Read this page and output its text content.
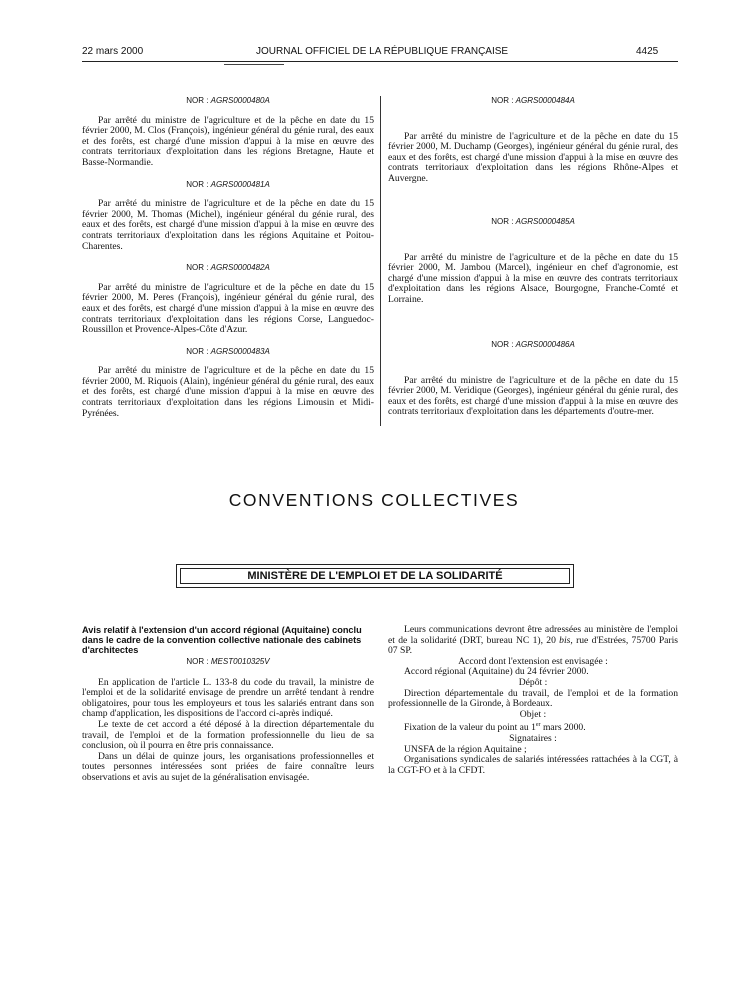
22 mars 2000	JOURNAL OFFICIEL DE LA RÉPUBLIQUE FRANÇAISE	4425
NOR : AGRS0000480A

Par arrêté du ministre de l'agriculture et de la pêche en date du 15 février 2000, M. Clos (François), ingénieur général du génie rural, des eaux et des forêts, est chargé d'une mission d'appui à la mise en œuvre des contrats territoriaux d'exploitation dans les régions Bretagne, Haute et Basse-Normandie.

NOR : AGRS0000481A

Par arrêté du ministre de l'agriculture et de la pêche en date du 15 février 2000, M. Thomas (Michel), ingénieur général du génie rural, des eaux et des forêts, est chargé d'une mission d'appui à la mise en œuvre des contrats territoriaux d'exploitation dans les régions Aquitaine et Poitou-Charentes.

NOR : AGRS0000482A

Par arrêté du ministre de l'agriculture et de la pêche en date du 15 février 2000, M. Peres (François), ingénieur général du génie rural, des eaux et des forêts, est chargé d'une mission d'appui à la mise en œuvre des contrats territoriaux d'exploitation dans les régions Corse, Languedoc-Roussillon et Provence-Alpes-Côte d'Azur.

NOR : AGRS0000483A

Par arrêté du ministre de l'agriculture et de la pêche en date du 15 février 2000, M. Riquois (Alain), ingénieur général du génie rural, des eaux et des forêts, est chargé d'une mission d'appui à la mise en œuvre des contrats territoriaux d'exploitation dans les régions Limousin et Midi-Pyrénées.

NOR : AGRS0000484A

Par arrêté du ministre de l'agriculture et de la pêche en date du 15 février 2000, M. Duchamp (Georges), ingénieur général du génie rural, des eaux et des forêts, est chargé d'une mission d'appui à la mise en œuvre des contrats territoriaux d'exploitation dans les régions Rhône-Alpes et Auvergne.

NOR : AGRS0000485A

Par arrêté du ministre de l'agriculture et de la pêche en date du 15 février 2000, M. Jambou (Marcel), ingénieur en chef d'agronomie, est chargé d'une mission d'appui à la mise en œuvre des contrats territoriaux d'exploitation dans les régions Alsace, Bourgogne, Franche-Comté et Lorraine.

NOR : AGRS0000486A

Par arrêté du ministre de l'agriculture et de la pêche en date du 15 février 2000, M. Veridique (Georges), ingénieur général du génie rural, des eaux et des forêts, est chargé d'une mission d'appui à la mise en œuvre des contrats territoriaux d'exploitation dans les départements d'outre-mer.

CONVENTIONS COLLECTIVES
MINISTÈRE DE L'EMPLOI ET DE LA SOLIDARITÉ
Avis relatif à l'extension d'un accord régional (Aquitaine) conclu dans le cadre de la convention collective nationale des cabinets d'architectes
NOR : MEST0010325V

En application de l'article L. 133-8 du code du travail, la ministre de l'emploi et de la solidarité envisage de prendre un arrêté tendant à rendre obligatoires, pour tous les employeurs et tous les salariés entrant dans son champ d'application, les dispositions de l'accord ci-après indiqué.

Le texte de cet accord a été déposé à la direction départementale du travail, de l'emploi et de la formation professionnelle du lieu de sa conclusion, où il pourra en être pris connaissance.

Dans un délai de quinze jours, les organisations professionnelles et toutes personnes intéressées sont priées de faire connaître leurs observations et avis au sujet de la généralisation envisagée.

Leurs communications devront être adressées au ministère de l'emploi et de la solidarité (DRT, bureau NC 1), 20 bis, rue d'Estrées, 75700 Paris 07 SP.

Accord dont l'extension est envisagée :

Accord régional (Aquitaine) du 24 février 2000.

Dépôt :

Direction départementale du travail, de l'emploi et de la formation professionnelle de la Gironde, à Bordeaux.

Objet :

Fixation de la valeur du point au 1er mars 2000.

Signataires :

UNSFA de la région Aquitaine ;

Organisations syndicales de salariés intéressées rattachées à la CGT, à la CGT-FO et à la CFDT.
